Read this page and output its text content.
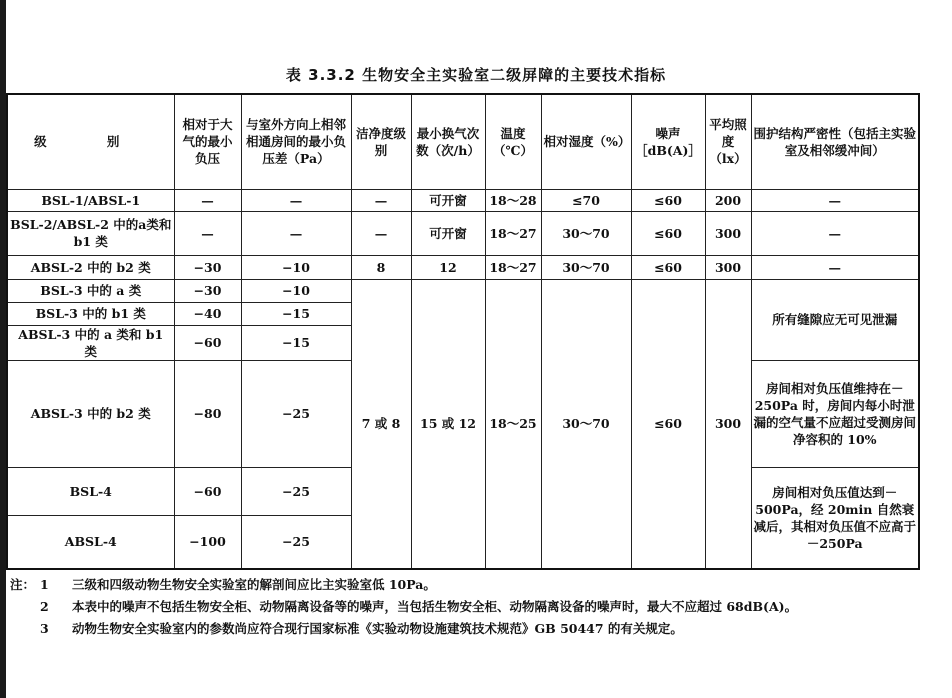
表 3.3.2 生物安全主实验室二级屏障的主要技术指标
级 别	相对于大气的最小负压	与室外方向上相邻相通房间的最小负压差（Pa）	洁净度级别	最小换气次数（次/h）	温度（℃）	相对湿度（%）	噪声［dB(A)］	平均照度（lx）	围护结构严密性（包括主实验室及相邻缓冲间）
BSL-1/ABSL-1	—	—	—	可开窗	18～28	≤70	≤60	200	—
BSL-2/ABSL-2 中的a类和 b1 类	—	—	—	可开窗	18～27	30～70	≤60	300	—
ABSL-2 中的 b2 类	−30	−10	8	12	18～27	30～70	≤60	300	—
BSL-3 中的 a 类	−30	−10	7 或 8	15 或 12	18～25	30～70	≤60	300	所有缝隙应无可见泄漏
BSL-3 中的 b1 类	−40	−15							
ABSL-3 中的 a 类和 b1 类	−60	−15							
ABSL-3 中的 b2 类	−80	−25							房间相对负压值维持在－250Pa 时，房间内每小时泄漏的空气量不应超过受测房间净容积的 10%
BSL-4	−60	−25							房间相对负压值达到－500Pa，经 20min 自然衰减后，其相对负压值不应高于－250Pa
ABSL-4	−100	−25							
注： 1	三级和四级动物生物安全实验室的解剖间应比主实验室低 10Pa。
2	本表中的噪声不包括生物安全柜、动物隔离设备等的噪声，当包括生物安全柜、动物隔离设备的噪声时，最大不应超过 68dB(A)。
3	动物生物安全实验室内的参数尚应符合现行国家标准《实验动物设施建筑技术规范》GB 50447 的有关规定。
